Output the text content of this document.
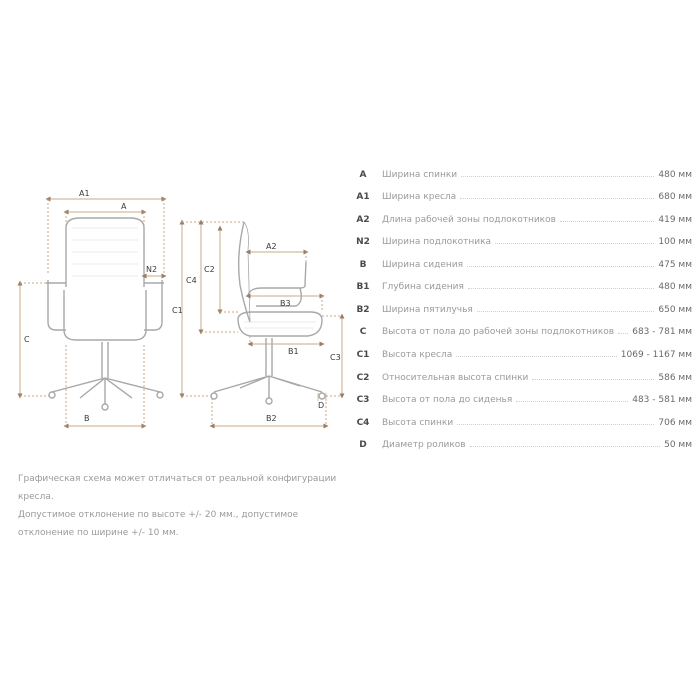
A1
A
N2
C
B
C1
C4
C2
A2
B3
B1
C3
B2
D
A	Ширина спинки	480 мм
A1	Ширина кресла	680 мм
A2	Длина рабочей зоны подлокотников	419 мм
N2	Ширина подлокотника	100 мм
B	Ширина сидения	475 мм
B1	Глубина сидения	480 мм
B2	Ширина пятилучья	650 мм
C	Высота от пола до рабочей зоны подлокотников 683 - 781 мм
C1	Высота кресла	1069 - 1167 мм
C2	Относительная высота спинки	586 мм
C3	Высота от пола до сиденья	483 - 581 мм
C4	Высота спинки	706 мм
D	Диаметр роликов	50 мм

Графическая схема может отличаться от реальной конфигурации кресла.

Допустимое отклонение по высоте +/- 20 мм., допустимое отклонение по ширине +/- 10 мм.
